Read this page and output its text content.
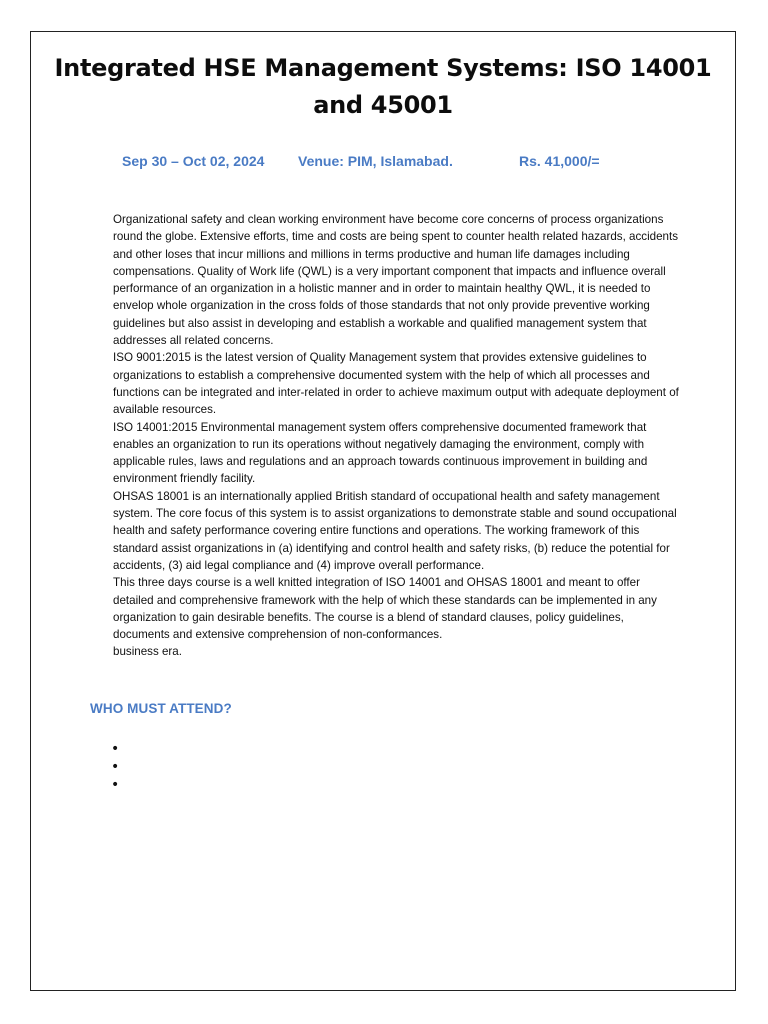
Integrated HSE Management Systems: ISO 14001 and 45001
Sep 30 – Oct 02, 2024 Venue: PIM, Islamabad.	Rs. 41,000/=

Organizational safety and clean working environment have become core concerns of process organizations round the globe. Extensive efforts, time and costs are being spent to counter health related hazards, accidents and other loses that incur millions and millions in terms productive and human life damages including compensations. Quality of Work life (QWL) is a very important component that impacts and influence overall performance of an organization in a holistic manner and in order to maintain healthy QWL, it is needed to envelop whole organization in the cross folds of those standards that not only provide preventive working guidelines but also assist in developing and establish a workable and qualified management system that addresses all related concerns.

ISO 9001:2015 is the latest version of Quality Management system that provides extensive guidelines to organizations to establish a comprehensive documented system with the help of which all processes and functions can be integrated and inter-related in order to achieve maximum output with adequate deployment of available resources.

ISO 14001:2015 Environmental management system offers comprehensive documented framework that enables an organization to run its operations without negatively damaging the environment, comply with applicable rules, laws and regulations and an approach towards continuous improvement in building and environment friendly facility.

OHSAS 18001 is an internationally applied British standard of occupational health and safety management system. The core focus of this system is to assist organizations to demonstrate stable and sound occupational health and safety performance covering entire functions and operations. The working framework of this standard assist organizations in (a) identifying and control health and safety risks, (b) reduce the potential for accidents, (3) aid legal compliance and (4) improve overall performance.

This three days course is a well knitted integration of ISO 14001 and OHSAS 18001 and meant to offer detailed and comprehensive framework with the help of which these standards can be implemented in any organization to gain desirable benefits. The course is a blend of standard clauses, policy guidelines, documents and extensive comprehension of non-conformances.

business era.

WHO MUST ATTEND?
•
•
•
